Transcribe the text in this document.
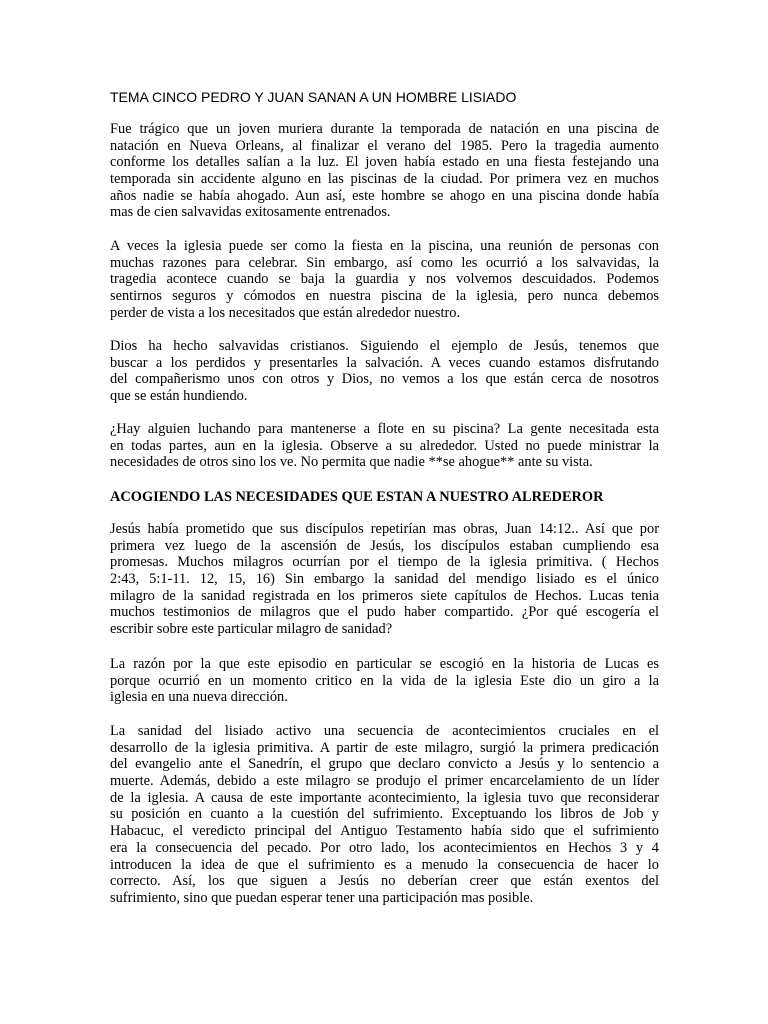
TEMA CINCO PEDRO Y JUAN SANAN A UN HOMBRE LISIADO

Fue trágico que un joven muriera durante la temporada de natación en una piscina de
natación en Nueva Orleans, al finalizar el verano del 1985. Pero la tragedia aumento
conforme los detalles salían a la luz. El joven había estado en una fiesta festejando una
temporada sin accidente alguno en las piscinas de la ciudad. Por primera vez en muchos
años nadie se había ahogado. Aun así, este hombre se ahogo en una piscina donde había
mas de cien salvavidas exitosamente entrenados.

A veces la iglesia puede ser como la fiesta en la piscina, una reunión de personas con
muchas razones para celebrar. Sin embargo, así como les ocurrió a los salvavidas, la
tragedia acontece cuando se baja la guardia y nos volvemos descuidados. Podemos
sentirnos seguros y cómodos en nuestra piscina de la iglesia, pero nunca debemos
perder de vista a los necesitados que están alrededor nuestro.

Dios ha hecho salvavidas cristianos. Siguiendo el ejemplo de Jesús, tenemos que
buscar a los perdidos y presentarles la salvación. A veces cuando estamos disfrutando
del compañerismo unos con otros y Dios, no vemos a los que están cerca de nosotros
que se están hundiendo.

¿Hay alguien luchando para mantenerse a flote en su piscina? La gente necesitada esta
en todas partes, aun en la iglesia. Observe a su alrededor. Usted no puede ministrar la
necesidades de otros sino los ve. No permita que nadie **se ahogue** ante su vista.

ACOGIENDO LAS NECESIDADES QUE ESTAN A NUESTRO ALREDEROR

Jesús había prometido que sus discípulos repetirían mas obras, Juan 14:12.. Así que por
primera vez luego de la ascensión de Jesús, los discípulos estaban cumpliendo esa
promesas. Muchos milagros ocurrían por el tiempo de la iglesia primitiva. ( Hechos
2:43, 5:1-11. 12, 15, 16) Sin embargo la sanidad del mendigo lisiado es el único
milagro de la sanidad registrada en los primeros siete capítulos de Hechos. Lucas tenia
muchos testimonios de milagros que el pudo haber compartido. ¿Por qué escogería el
escribir sobre este particular milagro de sanidad?

La razón por la que este episodio en particular se escogió en la historia de Lucas es
porque ocurrió en un momento critico en la vida de la iglesia Este dio un giro a la
iglesia en una nueva dirección.

La sanidad del lisiado activo una secuencia de acontecimientos cruciales en el
desarrollo de la iglesia primitiva. A partir de este milagro, surgió la primera predicación
del evangelio ante el Sanedrín, el grupo que declaro convicto a Jesús y lo sentencio a
muerte. Además, debido a este milagro se produjo el primer encarcelamiento de un líder
de la iglesia. A causa de este importante acontecimiento, la iglesia tuvo que reconsiderar
su posición en cuanto a la cuestión del sufrimiento. Exceptuando los libros de Job y
Habacuc, el veredicto principal del Antiguo Testamento había sido que el sufrimiento
era la consecuencia del pecado. Por otro lado, los acontecimientos en Hechos 3 y 4
introducen la idea de que el sufrimiento es a menudo la consecuencia de hacer lo
correcto. Así, los que siguen a Jesús no deberían creer que están exentos del
sufrimiento, sino que puedan esperar tener una participación mas posible.
